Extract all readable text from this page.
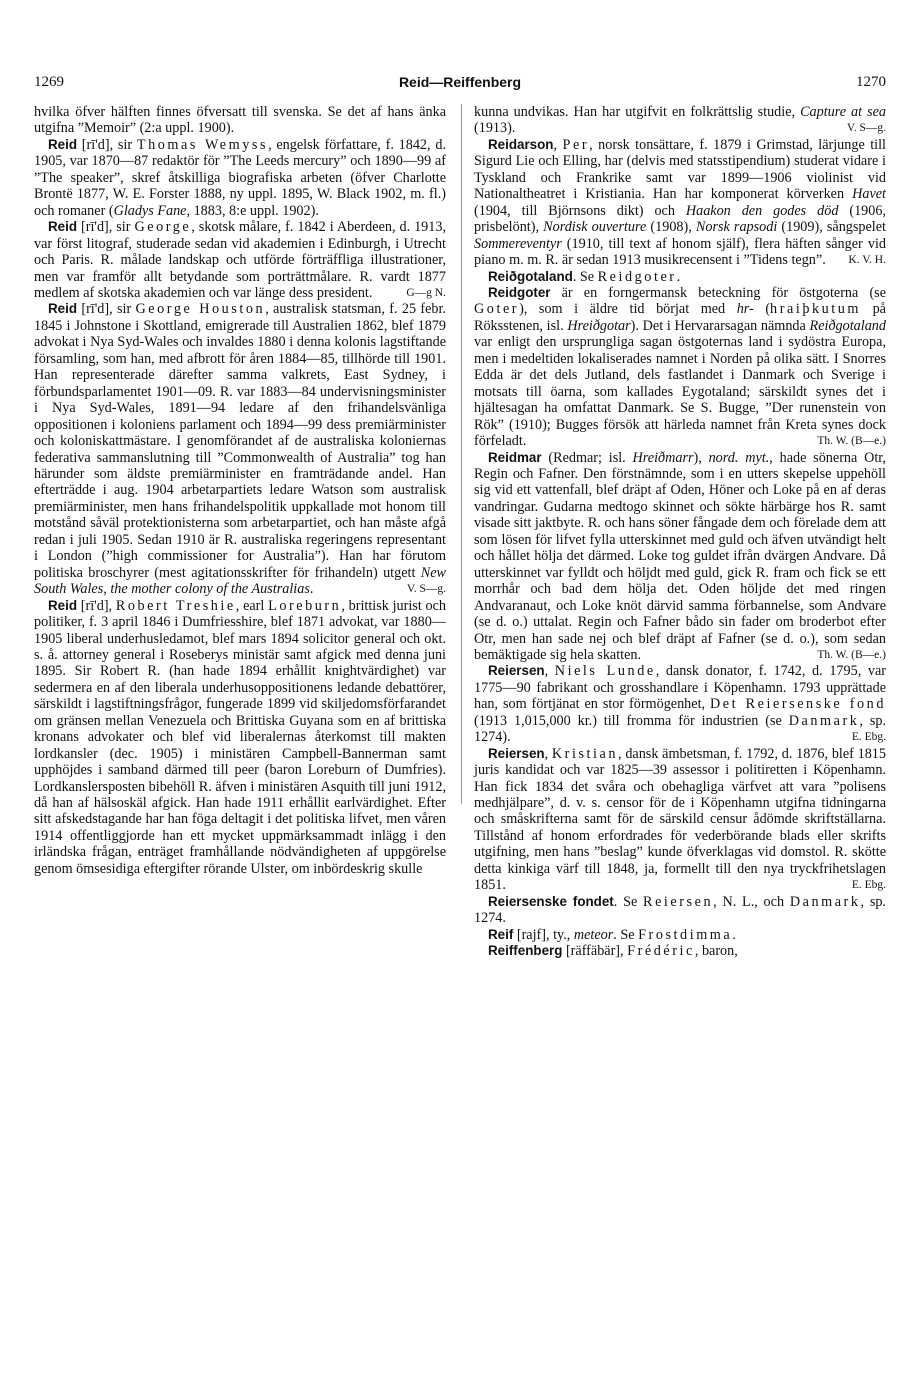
1269	Reid—Reiffenberg	1270

hvilka öfver hälften finnes öfversatt till svenska. Se det af hans änka utgifna ”Memoir” (2:a uppl. 1900).

Reid [rī'd], sir Thomas Wemyss, engelsk författare, f. 1842, d. 1905, var 1870—87 redaktör för ”The Leeds mercury” och 1890—99 af ”The speaker”, skref åtskilliga biografiska arbeten (öfver Charlotte Brontë 1877, W. E. Forster 1888, ny uppl. 1895, W. Black 1902, m. fl.) och romaner (Gladys Fane, 1883, 8:e uppl. 1902).

Reid [rī'd], sir George, skotsk målare, f. 1842 i Aberdeen, d. 1913, var först litograf, studerade sedan vid akademien i Edinburgh, i Utrecht och Paris. R. målade landskap och utförde förträffliga illustrationer, men var framför allt betydande som porträttmålare. R. vardt 1877 medlem af skotska akademien och var länge dess president.	G—g N.

Reid [rī'd], sir George Houston, australisk statsman, f. 25 febr. 1845 i Johnstone i Skottland, emigrerade till Australien 1862, blef 1879 advokat i Nya Syd-Wales och invaldes 1880 i denna kolonis lagstiftande församling, som han, med afbrott för åren 1884—85, tillhörde till 1901. Han representerade därefter samma valkrets, East Sydney, i förbundsparlamentet 1901—09. R. var 1883—84 undervisningsminister i Nya Syd-Wales, 1891—94 ledare af den frihandelsvänliga oppositionen i koloniens parlament och 1894—99 dess premiärminister och koloniskattmästare. I genomförandet af de australiska koloniernas federativa sammanslutning till ”Commonwealth of Australia” tog han härunder som äldste premiärminister en framträdande andel. Han efterträdde i aug. 1904 arbetarpartiets ledare Watson som australisk premiärminister, men hans frihandelspolitik uppkallade mot honom till motstånd såväl protektionisterna som arbetarpartiet, och han måste afgå redan i juli 1905. Sedan 1910 är R. australiska regeringens representant i London (”high commissioner for Australia”). Han har förutom politiska broschyrer (mest agitationsskrifter för frihandeln) utgett New South Wales, the mother colony of the Australias.	V. S—g.

Reid [rī'd], Robert Treshie, earl Loreburn, brittisk jurist och politiker, f. 3 april 1846 i Dumfriesshire, blef 1871 advokat, var 1880—1905 liberal underhusledamot, blef mars 1894 solicitor general och okt. s. å. attorney general i Roseberys ministär samt afgick med denna juni 1895. Sir Robert R. (han hade 1894 erhållit knightvärdighet) var sedermera en af den liberala underhusoppositionens ledande debattörer, särskildt i lagstiftningsfrågor, fungerade 1899 vid skiljedomsförfarandet om gränsen mellan Venezuela och Brittiska Guyana som en af brittiska kronans advokater och blef vid liberalernas återkomst till makten lordkansler (dec. 1905) i ministären Campbell-Bannerman samt upphöjdes i samband därmed till peer (baron Loreburn of Dumfries). Lordkanslersposten bibehöll R. äfven i ministären Asquith till juni 1912, då han af hälsoskäl afgick. Han hade 1911 erhållit earlvärdighet. Efter sitt afskedstagande har han föga deltagit i det politiska lifvet, men våren 1914 offentliggjorde han ett mycket uppmärksammadt inlägg i den irländska frågan, enträget framhållande nödvändigheten af uppgörelse genom ömsesidiga eftergifter rörande Ulster, om inbördeskrig skulle

kunna undvikas. Han har utgifvit en folkrättslig studie, Capture at sea (1913).	V. S—g.

Reidarson, Per, norsk tonsättare, f. 1879 i Grimstad, lärjunge till Sigurd Lie och Elling, har (delvis med statsstipendium) studerat vidare i Tyskland och Frankrike samt var 1899—1906 violinist vid Nationaltheatret i Kristiania. Han har komponerat körverken Havet (1904, till Björnsons dikt) och Haakon den godes död (1906, prisbelönt), Nordisk ouverture (1908), Norsk rapsodi (1909), sångspelet Sommereventyr (1910, till text af honom själf), flera häften sånger vid piano m. m. R. är sedan 1913 musikrecensent i ”Tidens tegn”.	K. V. H.

Reiðgotaland. Se Reidgoter.

Reidgoter är en forngermansk beteckning för östgoterna (se Goter), som i äldre tid börjat med hr- (hraiþkutum på Röksstenen, isl. Hreiðgotar). Det i Hervararsagan nämnda Reiðgotaland var enligt den ursprungliga sagan östgoternas land i sydöstra Europa, men i medeltiden lokaliserades namnet i Norden på olika sätt. I Snorres Edda är det dels Jutland, dels fastlandet i Danmark och Sverige i motsats till öarna, som kallades Eygotaland; särskildt synes det i hjältesagan ha omfattat Danmark. Se S. Bugge, ”Der runenstein von Rök” (1910); Bugges försök att härleda namnet från Kreta synes dock förfeladt.	Th. W. (B—e.)

Reidmar (Redmar; isl. Hreiðmarr), nord. myt., hade sönerna Otr, Regin och Fafner. Den förstnämnde, som i en utters skepelse uppehöll sig vid ett vattenfall, blef dräpt af Oden, Höner och Loke på en af deras vandringar. Gudarna medtogo skinnet och sökte härbärge hos R. samt visade sitt jaktbyte. R. och hans söner fångade dem och förelade dem att som lösen för lifvet fylla utterskinnet med guld och äfven utvändigt helt och hållet hölja det därmed. Loke tog guldet ifrån dvärgen Andvare. Då utterskinnet var fylldt och höljdt med guld, gick R. fram och fick se ett morrhår och bad dem hölja det. Oden höljde det med ringen Andvaranaut, och Loke knöt därvid samma förbannelse, som Andvare (se d. o.) uttalat. Regin och Fafner bådo sin fader om broderbot efter Otr, men han sade nej och blef dräpt af Fafner (se d. o.), som sedan bemäktigade sig hela skatten.	Th. W. (B—e.)

Reiersen, Niels Lunde, dansk donator, f. 1742, d. 1795, var 1775—90 fabrikant och grosshandlare i Köpenhamn. 1793 upprättade han, som förtjänat en stor förmögenhet, Det Reiersenske fond (1913 1,015,000 kr.) till fromma för industrien (se Danmark, sp. 1274).	E. Ebg.

Reiersen, Kristian, dansk ämbetsman, f. 1792, d. 1876, blef 1815 juris kandidat och var 1825—39 assessor i politiretten i Köpenhamn. Han fick 1834 det svåra och obehagliga värfvet att vara ”polisens medhjälpare”, d. v. s. censor för de i Köpenhamn utgifna tidningarna och småskrifterna samt för de särskild censur ådömde skriftställarna. Tillstånd af honom erfordrades för vederbörande blads eller skrifts utgifning, men hans ”beslag” kunde öfverklagas vid domstol. R. skötte detta kinkiga värf till 1848, ja, formellt till den nya tryckfrihetslagen 1851.	E. Ebg.

Reiersenske fondet. Se Reiersen, N. L., och Danmark, sp. 1274.

Reif [rajf], ty., meteor. Se Frostdimma.

Reiffenberg [räffäbär], Frédéric, baron,
